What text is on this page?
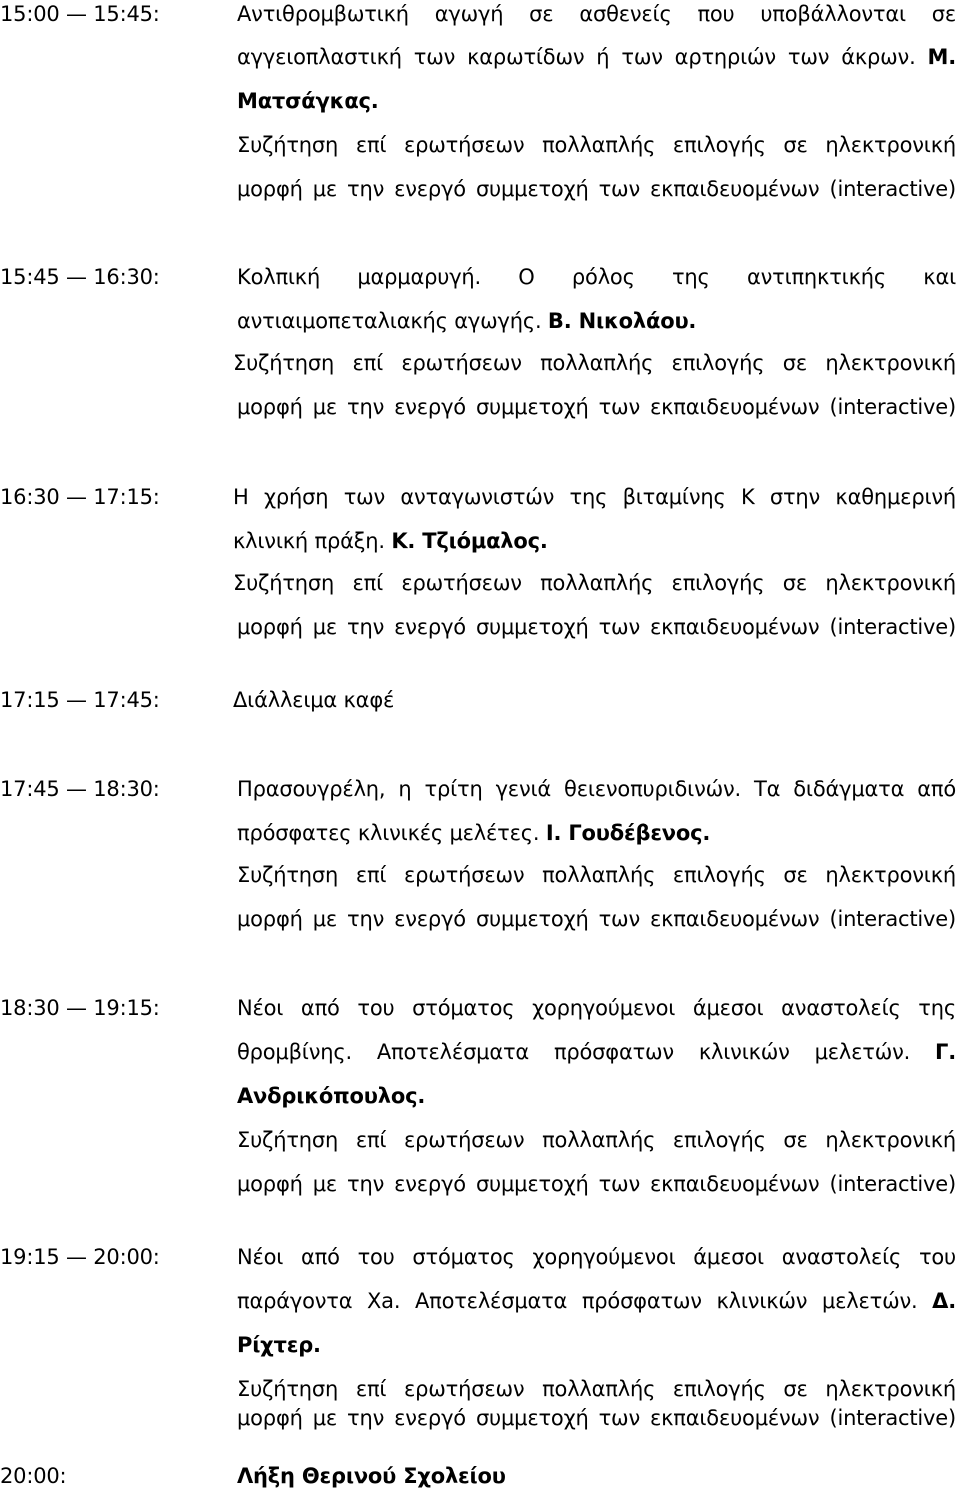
15:00 — 15:45:	Αντιθρομβωτική αγωγή σε ασθενείς που υποβάλλονται σε
αγγειοπλαστική των καρωτίδων ή των αρτηριών των άκρων. Μ.
Ματσάγκας.
Συζήτηση επί ερωτήσεων πολλαπλής επιλογής σε ηλεκτρονική
μορφή με την ενεργό συμμετοχή των εκπαιδευομένων (interactive)
15:45 — 16:30:	Κολπική μαρμαρυγή. Ο ρόλος της αντιπηκτικής και
αντιαιμοπεταλιακής αγωγής. Β. Νικολάου.
Συζήτηση επί ερωτήσεων πολλαπλής επιλογής σε ηλεκτρονική
μορφή με την ενεργό συμμετοχή των εκπαιδευομένων (interactive)
16:30 — 17:15:	Η χρήση των ανταγωνιστών της βιταμίνης Κ στην καθημερινή
κλινική πράξη. Κ. Τζιόμαλος.
Συζήτηση επί ερωτήσεων πολλαπλής επιλογής σε ηλεκτρονική
μορφή με την ενεργό συμμετοχή των εκπαιδευομένων (interactive)
17:15 — 17:45:	Διάλλειμα καφέ
17:45 — 18:30:	Πρασουγρέλη, η τρίτη γενιά θειενοπυριδινών. Τα διδάγματα από
πρόσφατες κλινικές μελέτες. Ι. Γουδέβενος.
Συζήτηση επί ερωτήσεων πολλαπλής επιλογής σε ηλεκτρονική
μορφή με την ενεργό συμμετοχή των εκπαιδευομένων (interactive)
18:30 — 19:15:	Νέοι από του στόματος χορηγούμενοι άμεσοι αναστολείς της
θρομβίνης. Αποτελέσματα πρόσφατων κλινικών μελετών. Γ.
Ανδρικόπουλος.
Συζήτηση επί ερωτήσεων πολλαπλής επιλογής σε ηλεκτρονική
μορφή με την ενεργό συμμετοχή των εκπαιδευομένων (interactive)
19:15 — 20:00:	Νέοι από του στόματος χορηγούμενοι άμεσοι αναστολείς του
παράγοντα Χa. Αποτελέσματα πρόσφατων κλινικών μελετών. Δ.
Ρίχτερ.
Συζήτηση επί ερωτήσεων πολλαπλής επιλογής σε ηλεκτρονική
μορφή με την ενεργό συμμετοχή των εκπαιδευομένων (interactive)
20:00:	Λήξη Θερινού Σχολείου
